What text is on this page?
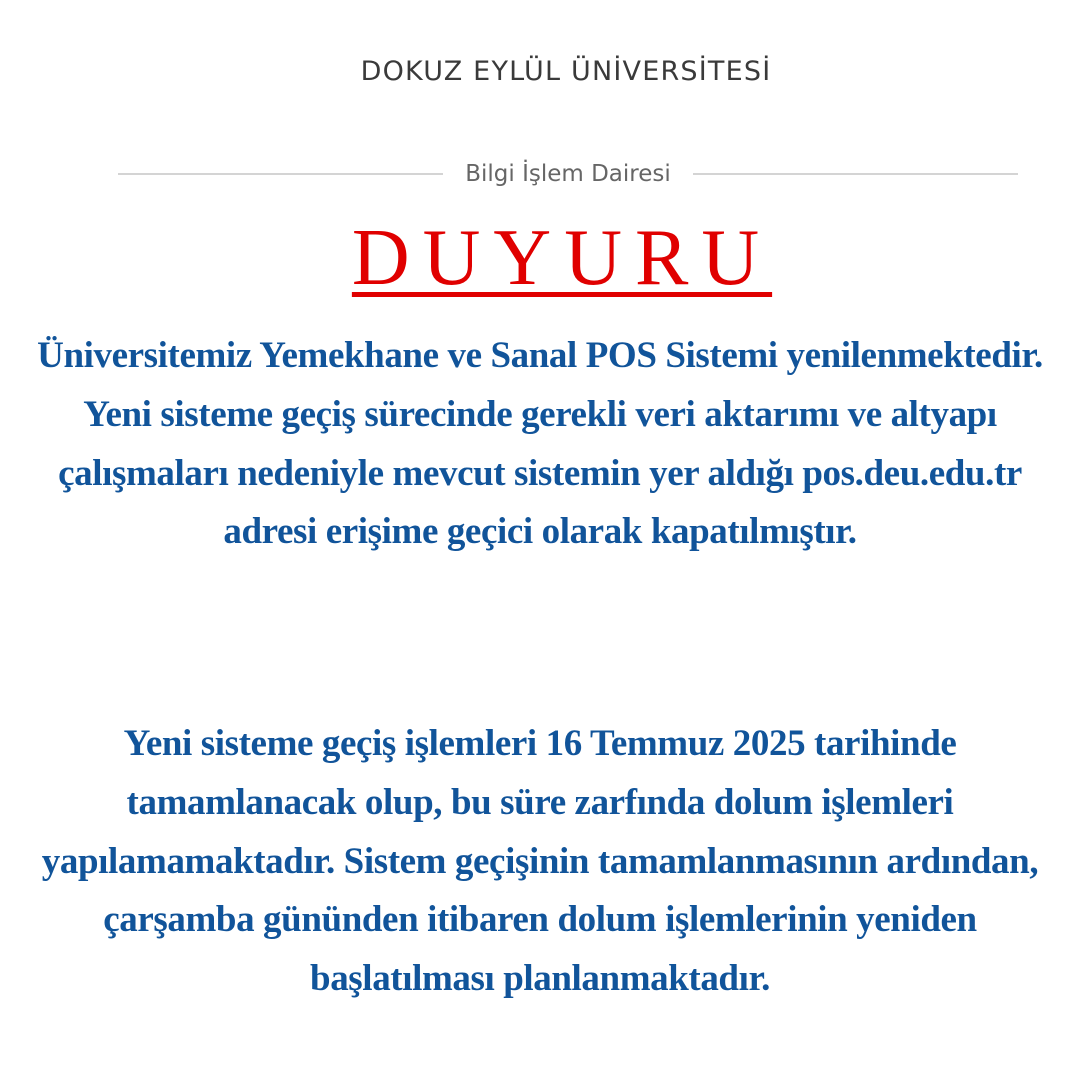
DOKUZ EYLÜL ÜNİVERSİTESİ
Bilgi İşlem Dairesi
DUYURU

Üniversitemiz Yemekhane ve Sanal POS Sistemi yenilenmektedir. Yeni sisteme geçiş sürecinde gerekli veri aktarımı ve altyapı çalışmaları nedeniyle mevcut sistemin yer aldığı pos.deu.edu.tr adresi erişime geçici olarak kapatılmıştır.

Yeni sisteme geçiş işlemleri 16 Temmuz 2025 tarihinde tamamlanacak olup, bu süre zarfında dolum işlemleri yapılamamaktadır. Sistem geçişinin tamamlanmasının ardından, çarşamba gününden itibaren dolum işlemlerinin yeniden başlatılması planlanmaktadır.
